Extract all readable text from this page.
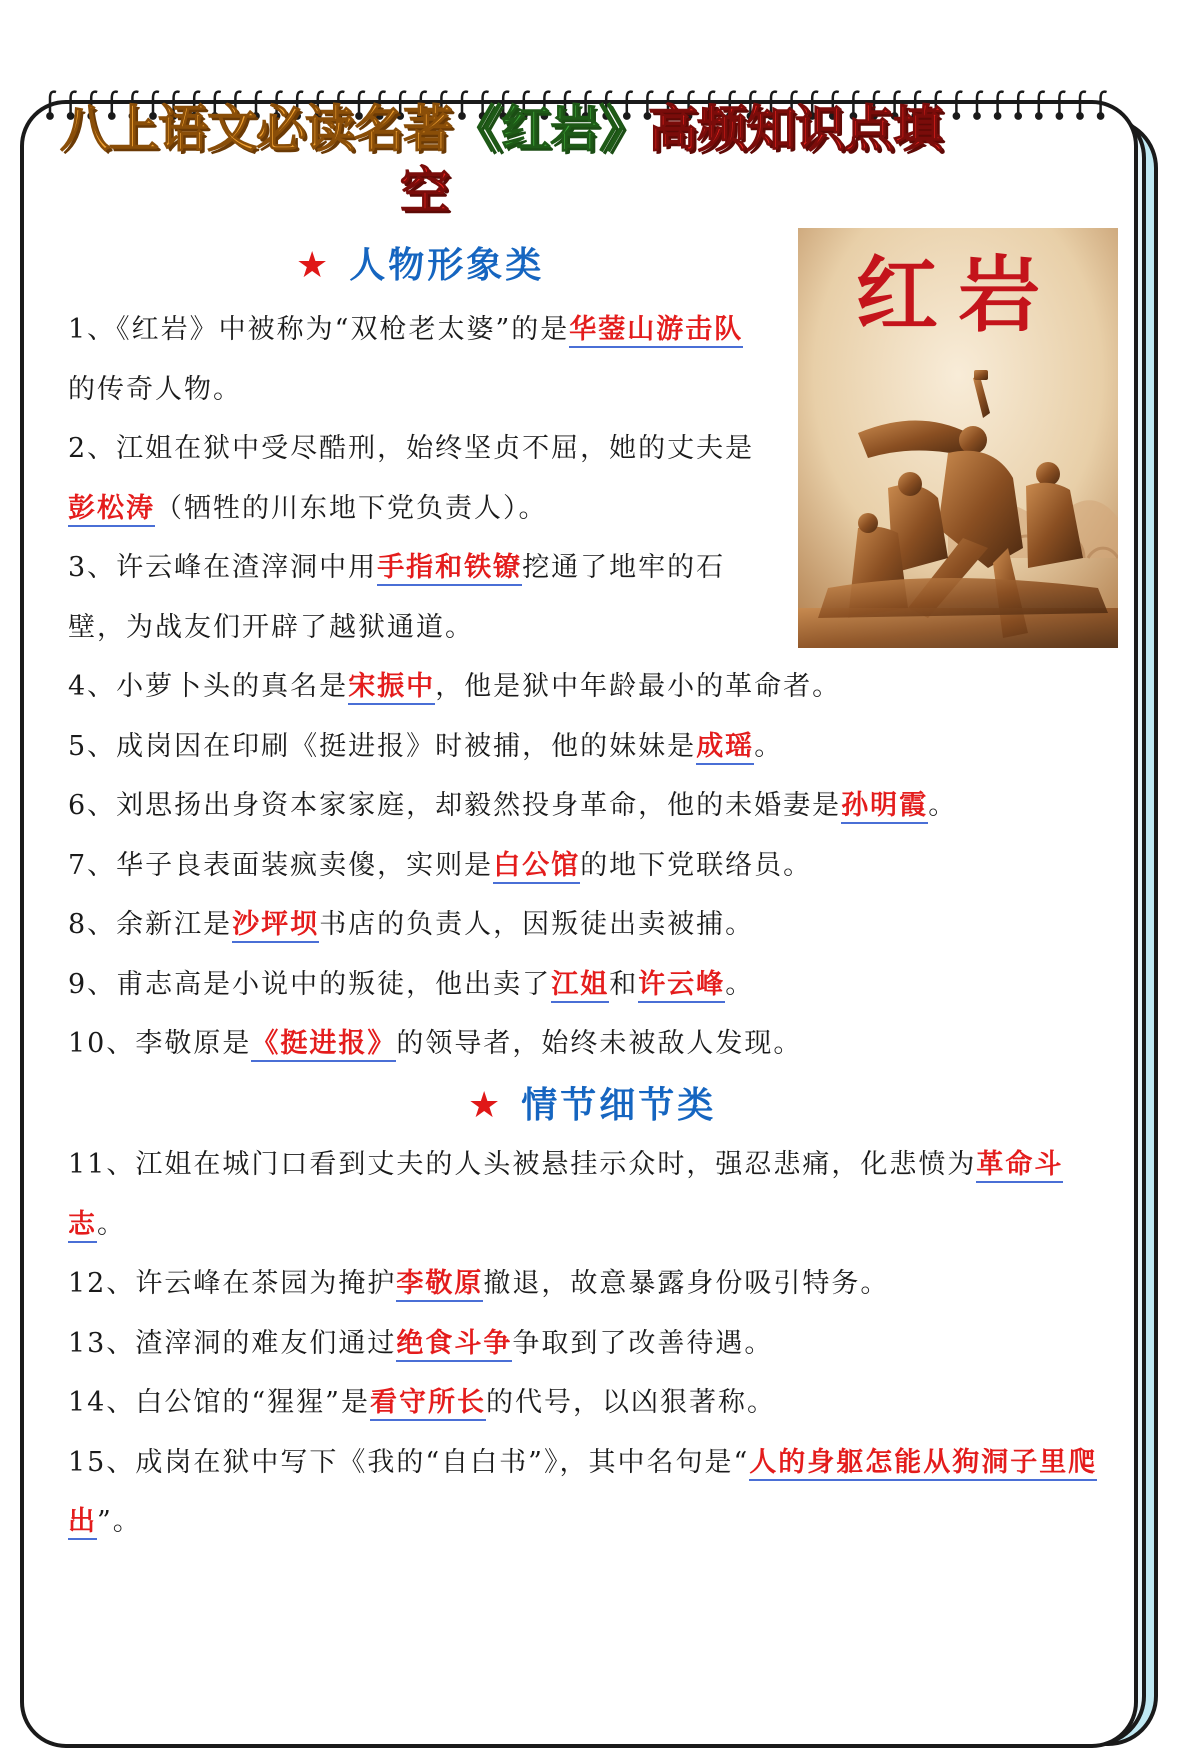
八上语文必读名著《红岩》高频知识点填
空
红岩
★ 人物形象类

1、《红岩》中被称为“双枪老太婆”的是华蓥山游击队的传奇人物。

2、江姐在狱中受尽酷刑，始终坚贞不屈，她的丈夫是彭松涛（牺牲的川东地下党负责人）。

3、许云峰在渣滓洞中用手指和铁镣挖通了地牢的石壁，为战友们开辟了越狱通道。

4、小萝卜头的真名是宋振中，他是狱中年龄最小的革命者。

5、成岗因在印刷《挺进报》时被捕，他的妹妹是成瑶。

6、刘思扬出身资本家家庭，却毅然投身革命，他的未婚妻是孙明霞。

7、华子良表面装疯卖傻，实则是白公馆的地下党联络员。

8、余新江是沙坪坝书店的负责人，因叛徒出卖被捕。

9、甫志高是小说中的叛徒，他出卖了江姐和许云峰。

10、李敬原是《挺进报》的领导者，始终未被敌人发现。

★ 情节细节类

11、江姐在城门口看到丈夫的人头被悬挂示众时，强忍悲痛，化悲愤为革命斗志。

12、许云峰在茶园为掩护李敬原撤退，故意暴露身份吸引特务。

13、渣滓洞的难友们通过绝食斗争争取到了改善待遇。

14、白公馆的“猩猩”是看守所长的代号，以凶狠著称。

15、成岗在狱中写下《我的“自白书”》，其中名句是“人的身躯怎能从狗洞子里爬出”。
